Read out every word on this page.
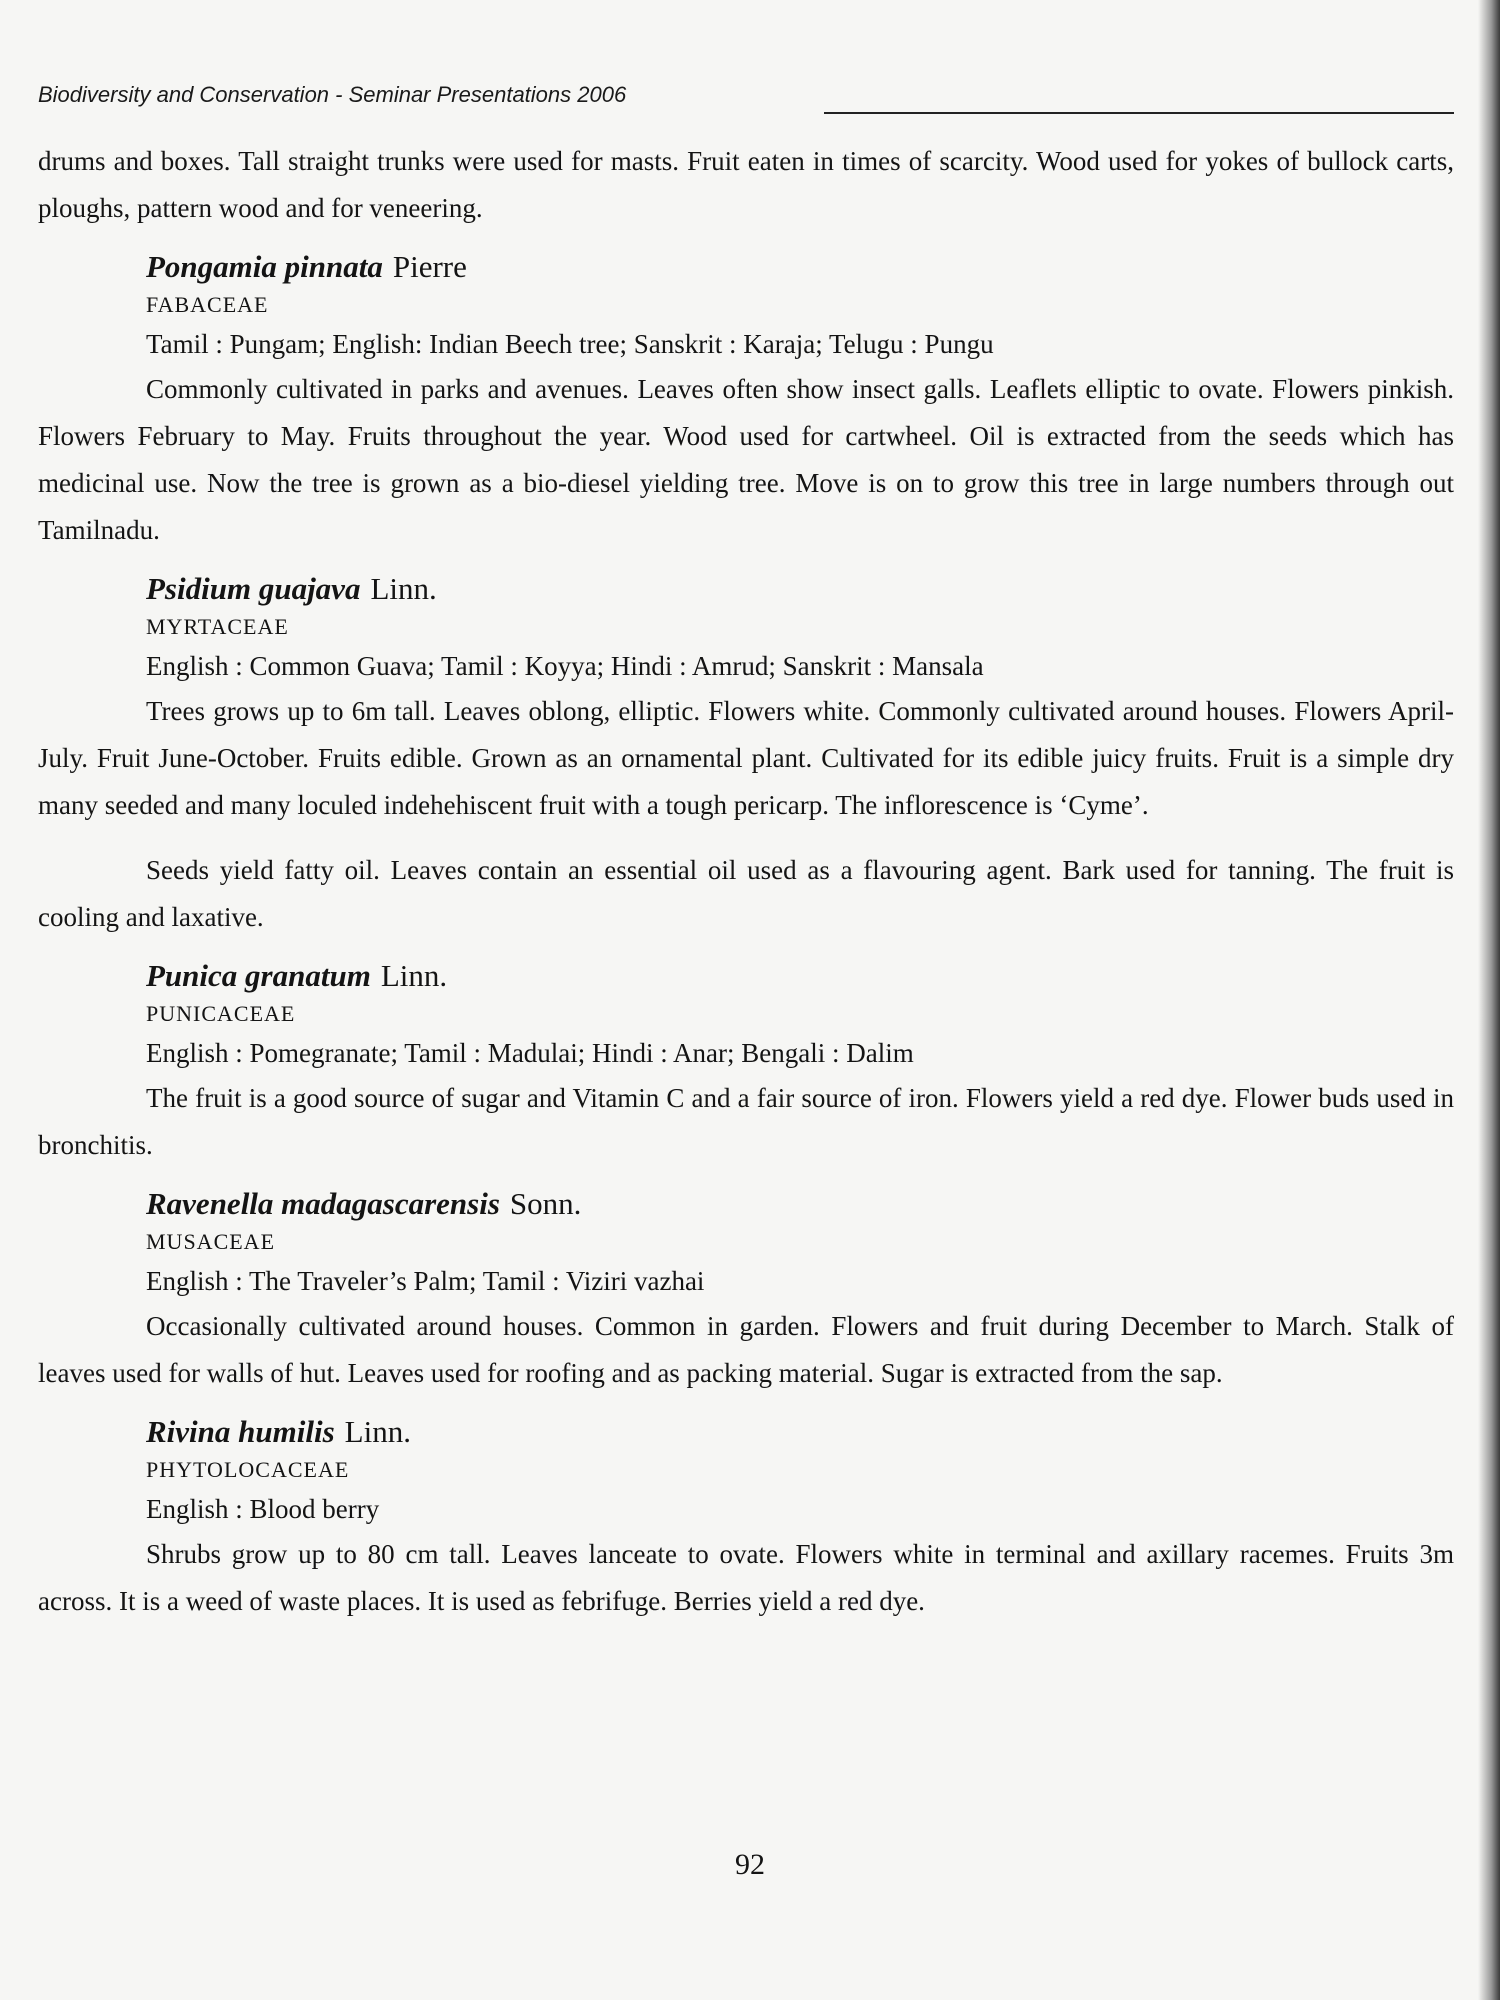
Biodiversity and Conservation - Seminar Presentations 2006

drums and boxes. Tall straight trunks were used for masts. Fruit eaten in times of scarcity. Wood used for yokes of bullock carts, ploughs, pattern wood and for veneering.

Pongamia pinnata Pierre
FABACEAE
Tamil : Pungam; English: Indian Beech tree; Sanskrit : Karaja; Telugu : Pungu

Commonly cultivated in parks and avenues. Leaves often show insect galls. Leaflets elliptic to ovate. Flowers pinkish. Flowers February to May. Fruits throughout the year. Wood used for cartwheel. Oil is extracted from the seeds which has medicinal use. Now the tree is grown as a bio-diesel yielding tree. Move is on to grow this tree in large numbers through out Tamilnadu.

Psidium guajava Linn.
MYRTACEAE
English : Common Guava; Tamil : Koyya; Hindi : Amrud; Sanskrit : Mansala

Trees grows up to 6m tall. Leaves oblong, elliptic. Flowers white. Commonly cultivated around houses. Flowers April-July. Fruit June-October. Fruits edible. Grown as an ornamental plant. Cultivated for its edible juicy fruits. Fruit is a simple dry many seeded and many loculed indehehiscent fruit with a tough pericarp. The inflorescence is ‘Cyme’.

Seeds yield fatty oil. Leaves contain an essential oil used as a flavouring agent. Bark used for tanning. The fruit is cooling and laxative.

Punica granatum Linn.
PUNICACEAE
English : Pomegranate; Tamil : Madulai; Hindi : Anar; Bengali : Dalim

The fruit is a good source of sugar and Vitamin C and a fair source of iron. Flowers yield a red dye. Flower buds used in bronchitis.

Ravenella madagascarensis Sonn.
MUSACEAE
English : The Traveler’s Palm; Tamil : Viziri vazhai

Occasionally cultivated around houses. Common in garden. Flowers and fruit during December to March. Stalk of leaves used for walls of hut. Leaves used for roofing and as packing material. Sugar is extracted from the sap.

Rivina humilis Linn.
PHYTOLOCACEAE
English : Blood berry

Shrubs grow up to 80 cm tall. Leaves lanceate to ovate. Flowers white in terminal and axillary racemes. Fruits 3m across. It is a weed of waste places. It is used as febrifuge. Berries yield a red dye.

92
